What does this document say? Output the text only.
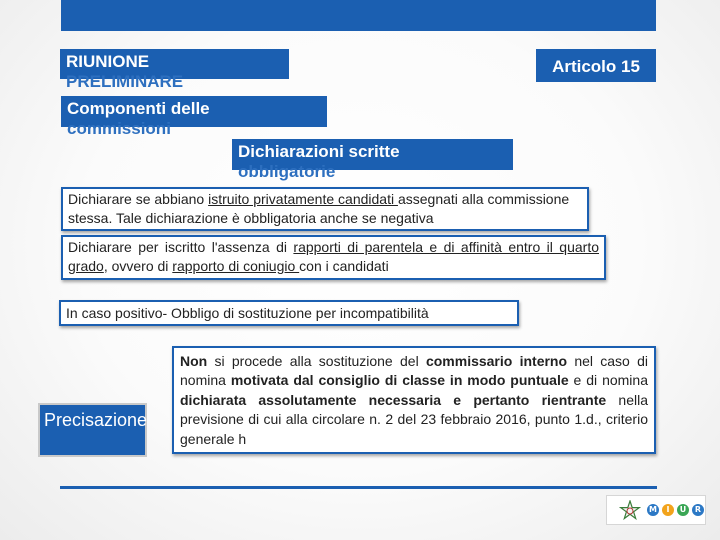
RIUNIONE
PRELIMINARE
Articolo 15
Componenti delle
commissioni
Dichiarazioni scritte
obbligatorie
Dichiarare se abbiano istruito privatamente candidati assegnati alla commissione stessa. Tale dichiarazione è obbligatoria anche se negativa
Dichiarare per iscritto l'assenza di rapporti di parentela e di affinità entro il quarto grado, ovvero di rapporto di coniugio con i candidati
In caso positivo- Obbligo di sostituzione per incompatibilità
Precisazione
Non si procede alla sostituzione del commissario interno nel caso di nomina motivata dal consiglio di classe in modo puntuale e di nomina dichiarata assolutamente necessaria e pertanto rientrante nella previsione di cui alla circolare n. 2 del 23 febbraio 2016, punto 1.d., criterio generale h
M	I	U	R
